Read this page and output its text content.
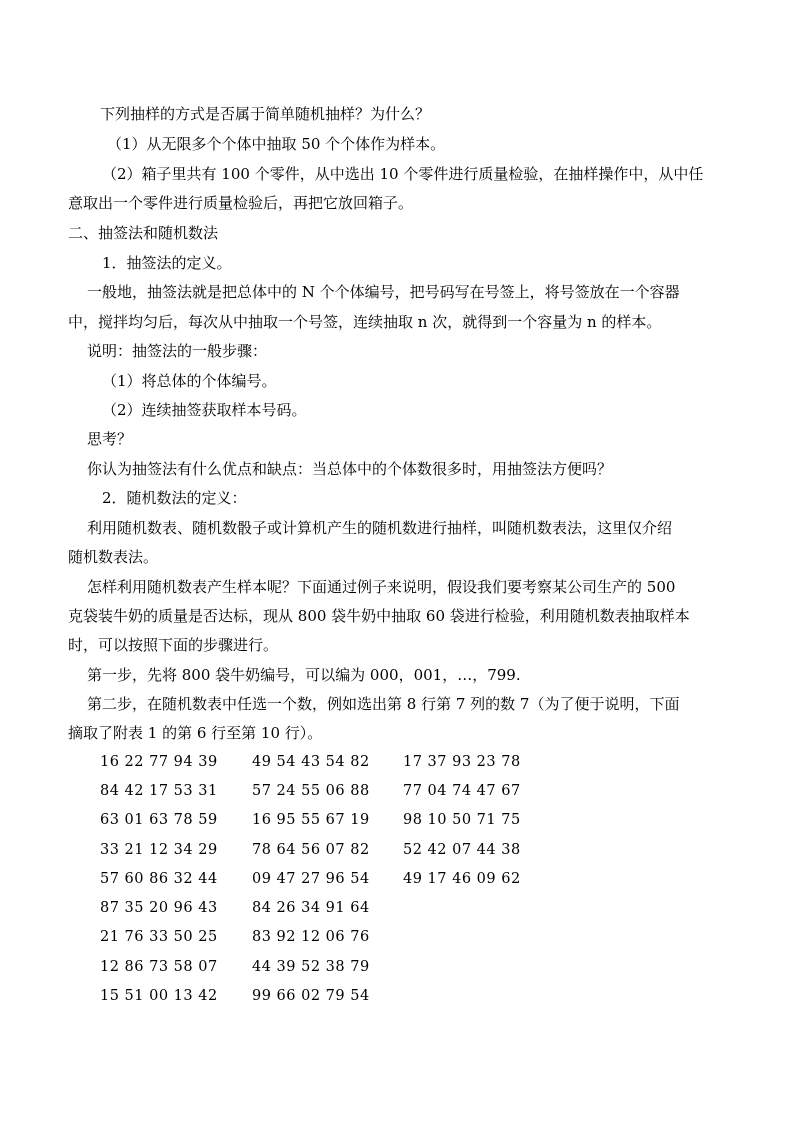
下列抽样的方式是否属于简单随机抽样？为什么？
（1）从无限多个个体中抽取 50 个个体作为样本。
（2）箱子里共有 100 个零件，从中选出 10 个零件进行质量检验，在抽样操作中，从中任
意取出一个零件进行质量检验后，再把它放回箱子。
二、抽签法和随机数法
1．抽签法的定义。
一般地，抽签法就是把总体中的 N 个个体编号，把号码写在号签上，将号签放在一个容器
中，搅拌均匀后，每次从中抽取一个号签，连续抽取 n 次，就得到一个容量为 n 的样本。
说明：抽签法的一般步骤：
（1）将总体的个体编号。
（2）连续抽签获取样本号码。
思考？
你认为抽签法有什么优点和缺点：当总体中的个体数很多时，用抽签法方便吗？
2．随机数法的定义：
利用随机数表、随机数骰子或计算机产生的随机数进行抽样，叫随机数表法，这里仅介绍
随机数表法。
怎样利用随机数表产生样本呢？下面通过例子来说明，假设我们要考察某公司生产的 500
克袋装牛奶的质量是否达标，现从 800 袋牛奶中抽取 60 袋进行检验，利用随机数表抽取样本
时，可以按照下面的步骤进行。
第一步，先将 800 袋牛奶编号，可以编为 000，001，…，799.
第二步，在随机数表中任选一个数，例如选出第 8 行第 7 列的数 7（为了便于说明，下面
摘取了附表 1 的第 6 行至第 10 行）。
16 22 77 94 39 49 54 43 54 82 17 37 93 23 78
84 42 17 53 31 57 24 55 06 88 77 04 74 47 67
63 01 63 78 59 16 95 55 67 19 98 10 50 71 75
33 21 12 34 29 78 64 56 07 82 52 42 07 44 38
57 60 86 32 44 09 47 27 96 54 49 17 46 09 62
87 35 20 96 43 84 26 34 91 64
21 76 33 50 25 83 92 12 06 76
12 86 73 58 07 44 39 52 38 79
15 51 00 13 42 99 66 02 79 54
